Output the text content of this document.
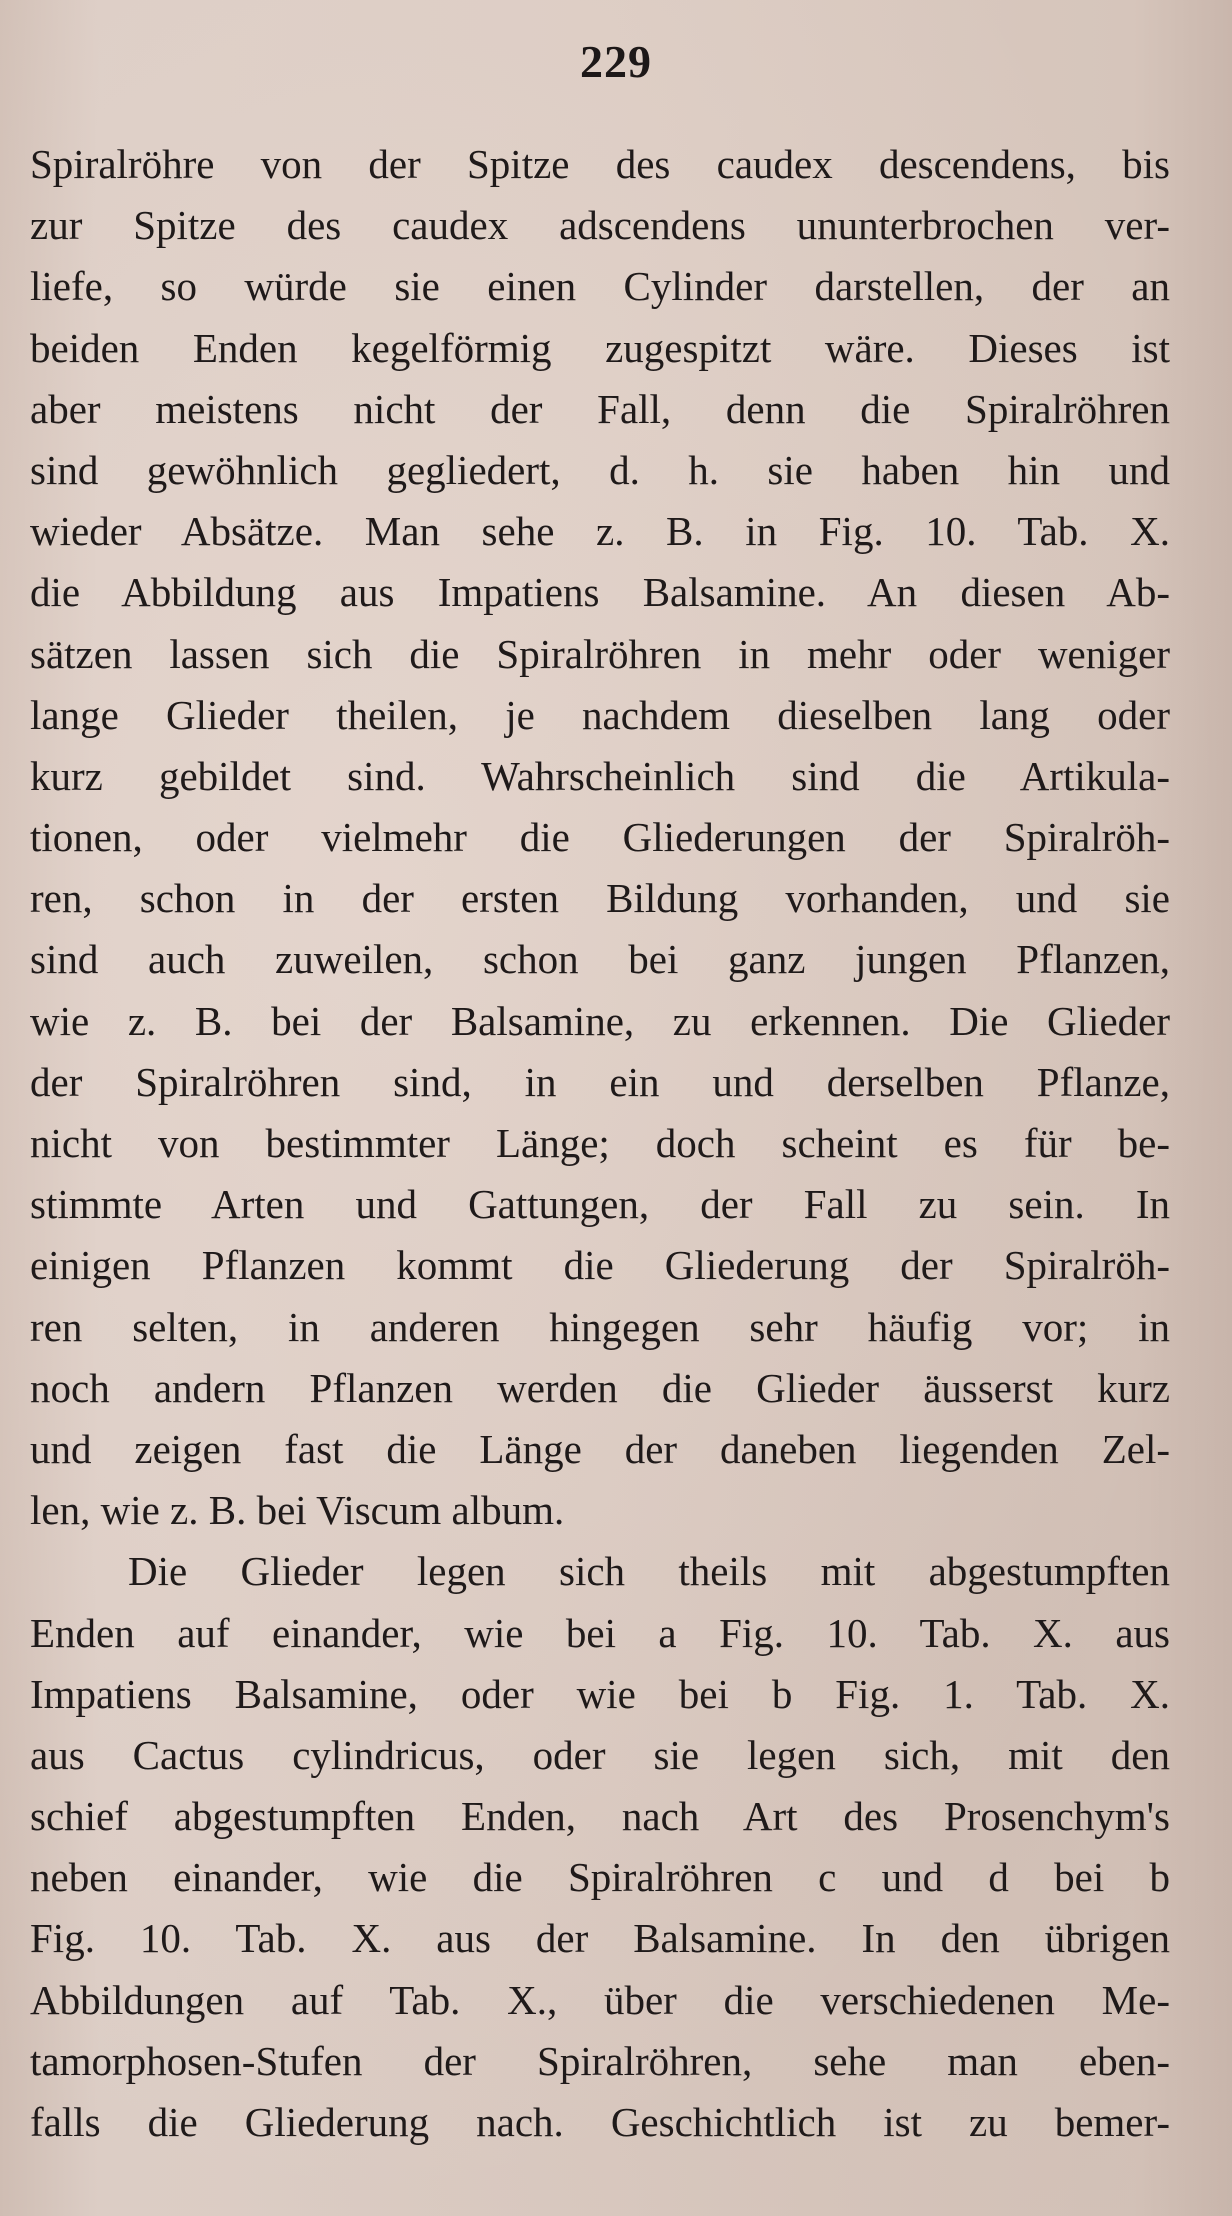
229
Spiralröhre von der Spitze des caudex descendens, bis
zur Spitze des caudex adscendens ununterbrochen ver-
liefe, so würde sie einen Cylinder darstellen, der an
beiden Enden kegelförmig zugespitzt wäre. Dieses ist
aber meistens nicht der Fall, denn die Spiralröhren
sind gewöhnlich gegliedert, d. h. sie haben hin und
wieder Absätze. Man sehe z. B. in Fig. 10. Tab. X.
die Abbildung aus Impatiens Balsamine. An diesen Ab-
sätzen lassen sich die Spiralröhren in mehr oder weniger
lange Glieder theilen, je nachdem dieselben lang oder
kurz gebildet sind. Wahrscheinlich sind die Artikula-
tionen, oder vielmehr die Gliederungen der Spiralröh-
ren, schon in der ersten Bildung vorhanden, und sie
sind auch zuweilen, schon bei ganz jungen Pflanzen,
wie z. B. bei der Balsamine, zu erkennen. Die Glieder
der Spiralröhren sind, in ein und derselben Pflanze,
nicht von bestimmter Länge; doch scheint es für be-
stimmte Arten und Gattungen, der Fall zu sein. In
einigen Pflanzen kommt die Gliederung der Spiralröh-
ren selten, in anderen hingegen sehr häufig vor; in
noch andern Pflanzen werden die Glieder äusserst kurz
und zeigen fast die Länge der daneben liegenden Zel-
len, wie z. B. bei Viscum album.
Die Glieder legen sich theils mit abgestumpften
Enden auf einander, wie bei a Fig. 10. Tab. X. aus
Impatiens Balsamine, oder wie bei b Fig. 1. Tab. X.
aus Cactus cylindricus, oder sie legen sich, mit den
schief abgestumpften Enden, nach Art des Prosenchym's
neben einander, wie die Spiralröhren c und d bei b
Fig. 10. Tab. X. aus der Balsamine. In den übrigen
Abbildungen auf Tab. X., über die verschiedenen Me-
tamorphosen-Stufen der Spiralröhren, sehe man eben-
falls die Gliederung nach. Geschichtlich ist zu bemer-
